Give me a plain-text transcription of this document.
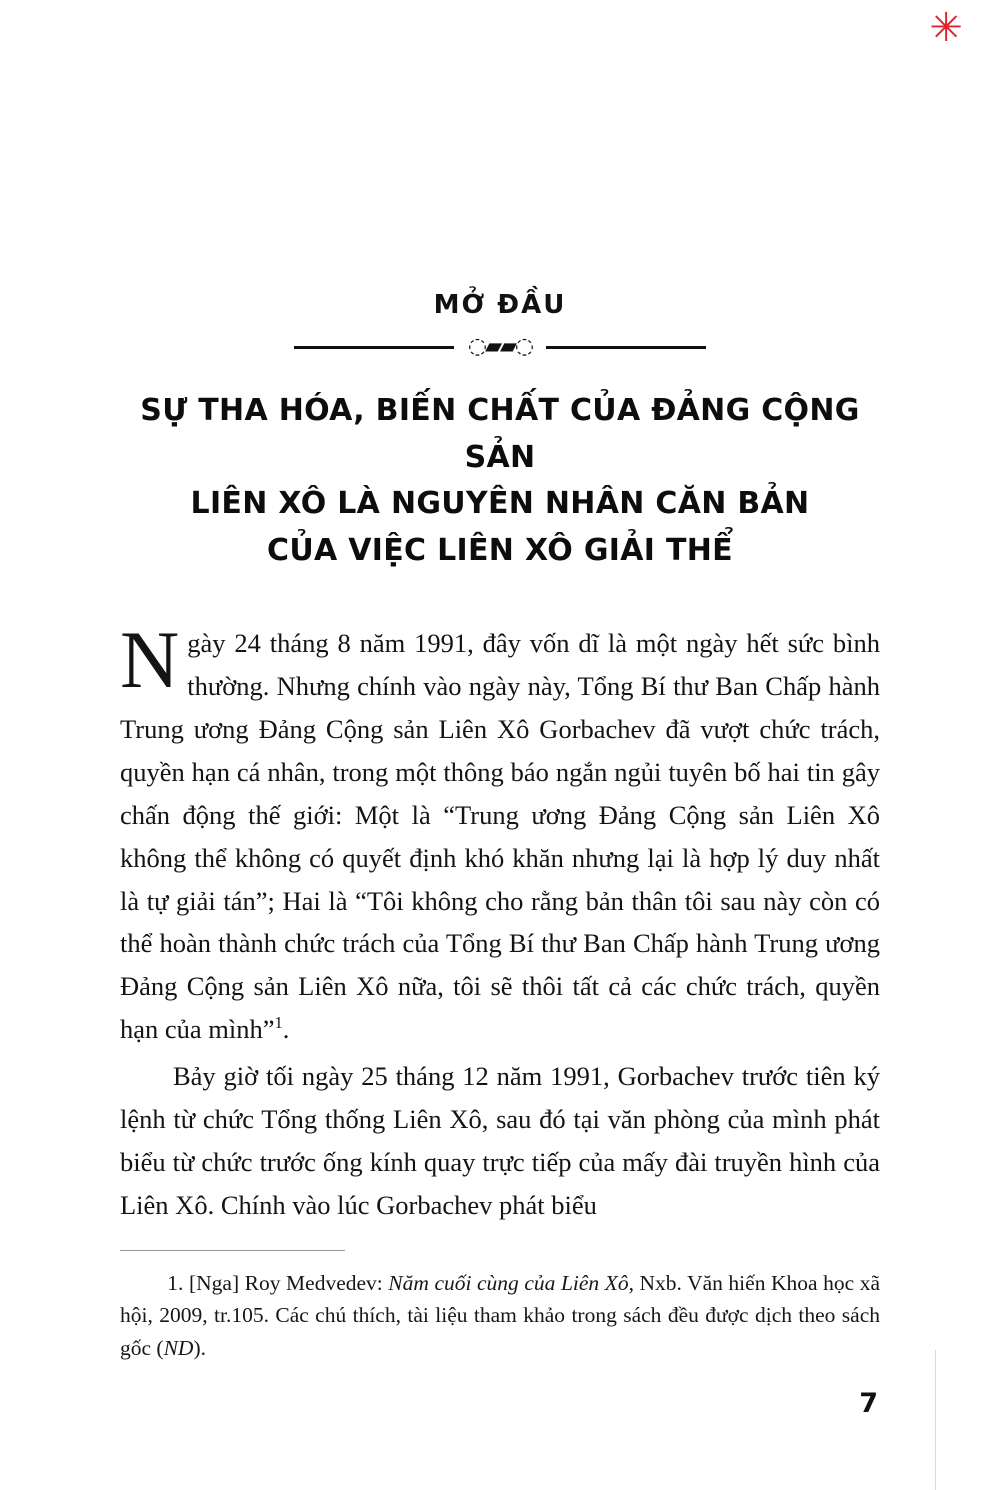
✳
MỞ ĐẦU
◌▰▰◌
SỰ THA HÓA, BIẾN CHẤT CỦA ĐẢNG CỘNG SẢN
LIÊN XÔ LÀ NGUYÊN NHÂN CĂN BẢN
CỦA VIỆC LIÊN XÔ GIẢI THỂ

Ngày 24 tháng 8 năm 1991, đây vốn dĩ là một ngày hết sức bình thường. Nhưng chính vào ngày này, Tổng Bí thư Ban Chấp hành Trung ương Đảng Cộng sản Liên Xô Gorbachev đã vượt chức trách, quyền hạn cá nhân, trong một thông báo ngắn ngủi tuyên bố hai tin gây chấn động thế giới: Một là “Trung ương Đảng Cộng sản Liên Xô không thể không có quyết định khó khăn nhưng lại là hợp lý duy nhất là tự giải tán”; Hai là “Tôi không cho rằng bản thân tôi sau này còn có thể hoàn thành chức trách của Tổng Bí thư Ban Chấp hành Trung ương Đảng Cộng sản Liên Xô nữa, tôi sẽ thôi tất cả các chức trách, quyền hạn của mình”$^1$.

Bảy giờ tối ngày 25 tháng 12 năm 1991, Gorbachev trước tiên ký lệnh từ chức Tổng thống Liên Xô, sau đó tại văn phòng của mình phát biểu từ chức trước ống kính quay trực tiếp của mấy đài truyền hình của Liên Xô. Chính vào lúc Gorbachev phát biểu

1. [Nga] Roy Medvedev: Năm cuối cùng của Liên Xô, Nxb. Văn hiến Khoa học xã hội, 2009, tr.105. Các chú thích, tài liệu tham khảo trong sách đều được dịch theo sách gốc (ND).
7
